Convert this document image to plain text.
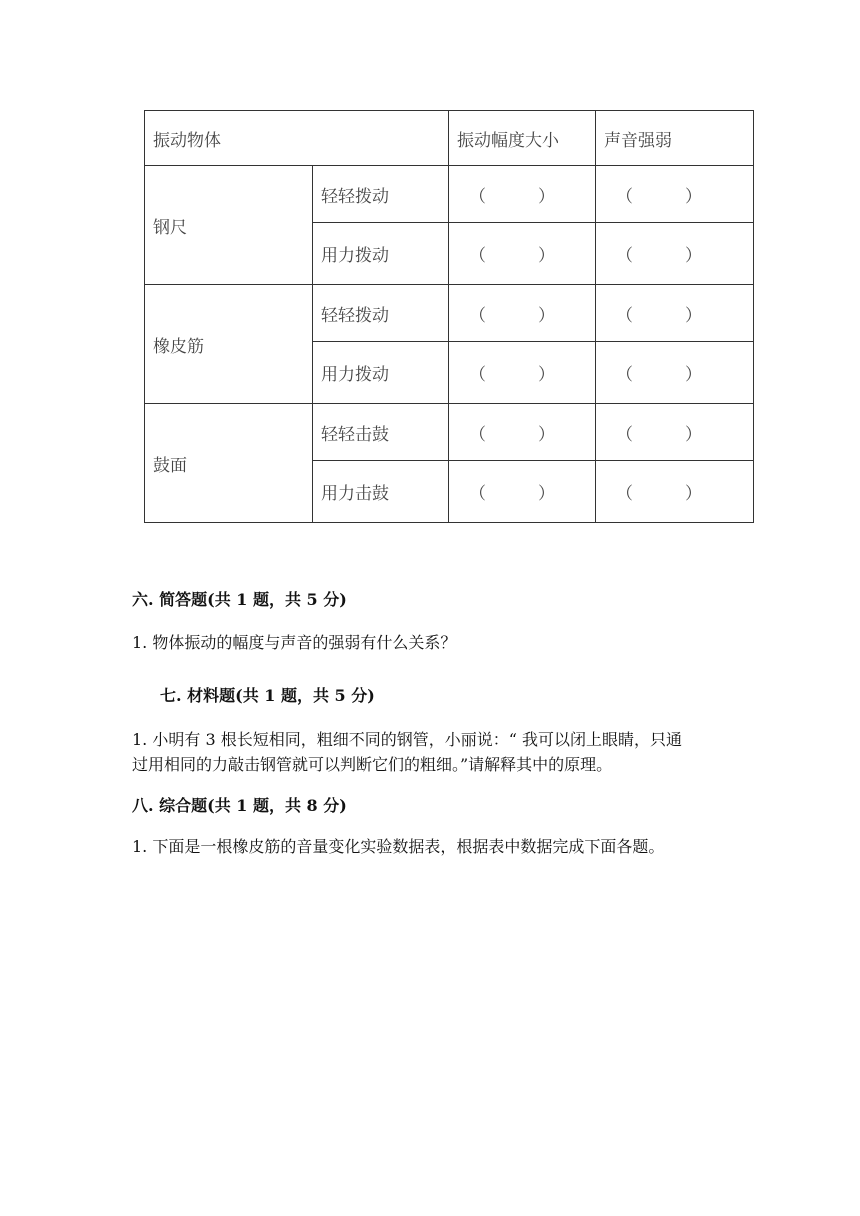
振动物体		振动幅度大小	声音强弱
钢尺	轻轻拨动	（ ）	（ ）

	用力拨动	（ ）	（ ）

橡皮筋	轻轻拨动	（ ）	（ ）

	用力拨动	（ ）	（ ）

鼓面	轻轻击鼓	（ ）	（ ）

	用力击鼓	（ ）	（ ）
六. 简答题(共 1 题，共 5 分)
1. 物体振动的幅度与声音的强弱有什么关系？
七. 材料题(共 1 题，共 5 分)
1. 小明有 3 根长短相同，粗细不同的钢管，小丽说：“ 我可以闭上眼睛，只通
过用相同的力敲击钢管就可以判断它们的粗细。”请解释其中的原理。
八. 综合题(共 1 题，共 8 分)
1. 下面是一根橡皮筋的音量变化实验数据表，根据表中数据完成下面各题。
